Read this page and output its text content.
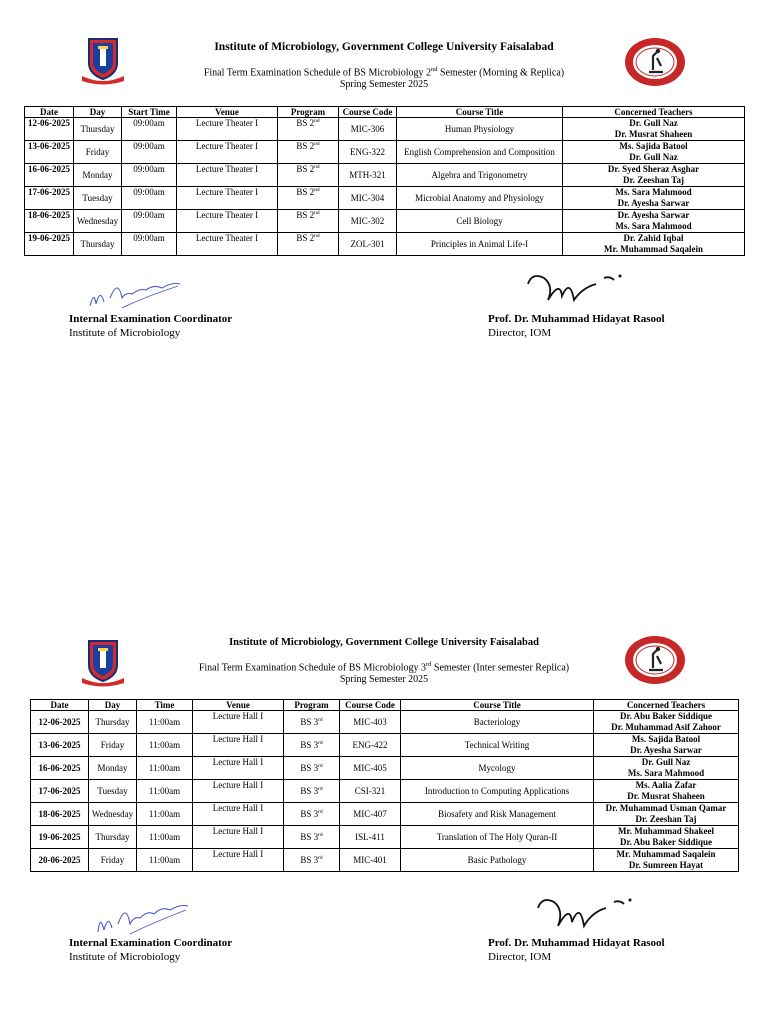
Institute of Microbiology, Government College University Faisalabad
Final Term Examination Schedule of BS Microbiology 2nd Semester (Morning & Replica)
Spring Semester 2025
Date	Day	Start Time	Venue	Program	Course Code	Course Title	Concerned Teachers
12-06-2025	Thursday	09:00am	Lecture Theater I	BS 2nd	MIC-306	Human Physiology	Dr. Gull Naz
Dr. Musrat Shaheen

13-06-2025	Friday	09:00am	Lecture Theater I	BS 2nd	ENG-322	English Comprehension and Composition	Ms. Sajida Batool
Dr. Gull Naz

16-06-2025	Monday	09:00am	Lecture Theater I	BS 2nd	MTH-321	Algebra and Trigonometry	Dr. Syed Sheraz Asghar
Dr. Zeeshan Taj

17-06-2025	Tuesday	09:00am	Lecture Theater I	BS 2nd	MIC-304	Microbial Anatomy and Physiology	Ms. Sara Mahmood
Dr. Ayesha Sarwar

18-06-2025	Wednesday	09:00am	Lecture Theater I	BS 2nd	MIC-302	Cell Biology	Dr. Ayesha Sarwar
Ms. Sara Mahmood

19-06-2025	Thursday	09:00am	Lecture Theater I	BS 2nd	ZOL-301	Principles in Animal Life-I	Dr. Zahid Iqbal
Mr. Muhammad Saqalein
Internal Examination Coordinator
Institute of Microbiology
Prof. Dr. Muhammad Hidayat Rasool
Director, IOM
Institute of Microbiology, Government College University Faisalabad
Final Term Examination Schedule of BS Microbiology 3rd Semester (Inter semester Replica)
Spring Semester 2025
Date	Day	Time	Venue	Program	Course Code	Course Title	Concerned Teachers
12-06-2025	Thursday	11:00am	Lecture Hall I	BS 3rd	MIC-403	Bacteriology	Dr. Abu Baker Siddique
Dr. Muhammad Asif Zahoor

13-06-2025	Friday	11:00am	Lecture Hall I	BS 3rd	ENG-422	Technical Writing	Ms. Sajida Batool
Dr. Ayesha Sarwar

16-06-2025	Monday	11:00am	Lecture Hall I	BS 3rd	MIC-405	Mycology	Dr. Gull Naz
Ms. Sara Mahmood

17-06-2025	Tuesday	11:00am	Lecture Hall I	BS 3rd	CSI-321	Introduction to Computing Applications	Ms. Aalia Zafar
Dr. Musrat Shaheen

18-06-2025	Wednesday	11:00am	Lecture Hall I	BS 3rd	MIC-407	Biosafety and Risk Management	Dr. Muhammad Usman Qamar
Dr. Zeeshan Taj

19-06-2025	Thursday	11:00am	Lecture Hall I	BS 3rd	ISL-411	Translation of The Holy Quran-II	Mr. Muhammad Shakeel
Dr. Abu Baker Siddique

20-06-2025	Friday	11:00am	Lecture Hall I	BS 3rd	MIC-401	Basic Pathology	Mr. Muhammad Saqalein
Dr. Sumreen Hayat
Internal Examination Coordinator
Institute of Microbiology
Prof. Dr. Muhammad Hidayat Rasool
Director, IOM
